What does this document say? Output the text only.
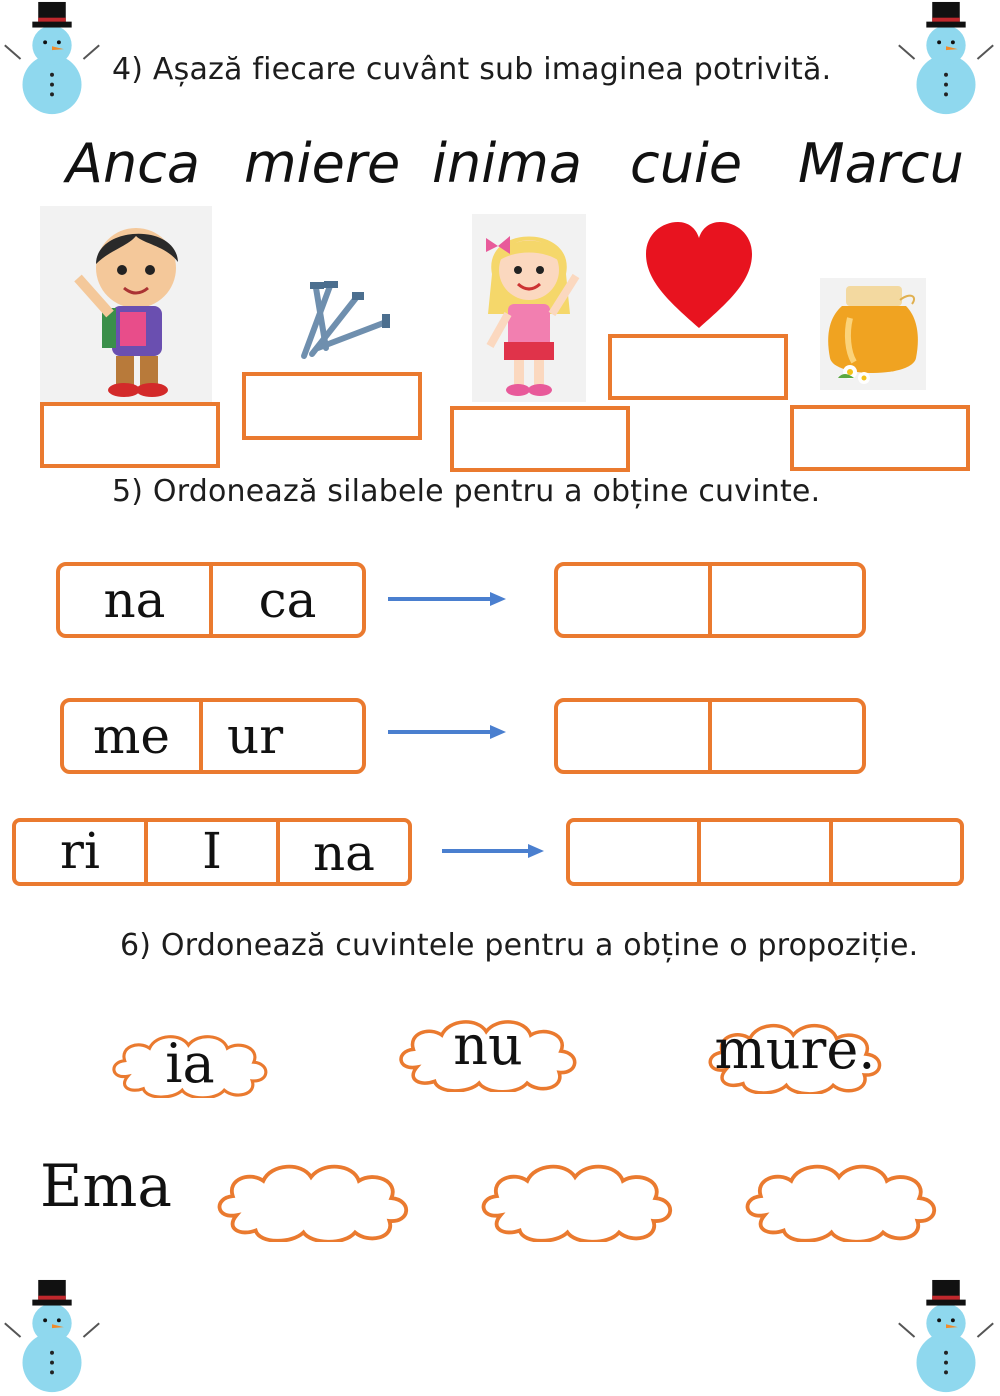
4) Așază fiecare cuvânt sub imaginea potrivită.
Anca miere inima cuie Marcu
5) Ordonează silabele pentru a obține cuvinte.
na	ca
me	ur
ri	I	na
6) Ordonează cuvintele pentru a obține o propoziție.
ia	nu	mure.
Ema
